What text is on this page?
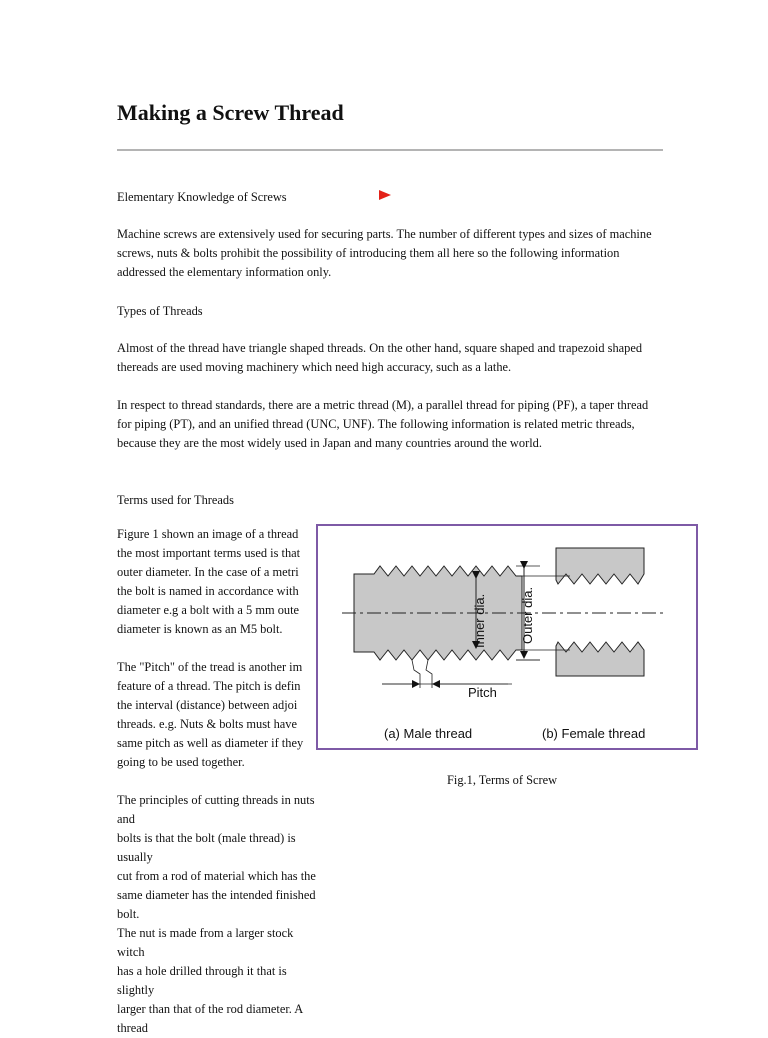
Making a Screw Thread

Elementary Knowledge of Screws

Machine screws are extensively used for securing parts. The number of different types and sizes of machine screws, nuts & bolts prohibit the possibility of introducing them all here so the following information addressed the elementary information only.

Types of Threads

Almost of the thread have triangle shaped threads. On the other hand, square shaped and trapezoid shaped thereads are used moving machinery which need high accuracy, such as a lathe.

In respect to thread standards, there are a metric thread (M), a parallel thread for piping (PF), a taper thread for piping (PT), and an unified thread (UNC, UNF). The following information is related metric threads, because they are the most widely used in Japan and many countries around the world.

Terms used for Threads

Figure 1 shown an image of a thread
the most important terms used is that
outer diameter. In the case of a metri
the bolt is named in accordance with
diameter e.g a bolt with a 5 mm oute
diameter is known as an M5 bolt.
The "Pitch" of the tread is another im
feature of a thread. The pitch is defin
the interval (distance) between adjoi
threads. e.g. Nuts & bolts must have
same pitch as well as diameter if they
going to be used together.
The principles of cutting threads in nuts and
bolts is that the bolt (male thread) is usually
cut from a rod of material which has the
same diameter has the intended finished bolt.
The nut is made from a larger stock witch
has a hole drilled through it that is slightly
larger than that of the rod diameter. A thread
Inner dia.	Outer dia.
Pitch
(a) Male thread	(b) Female thread

Fig.1, Terms of Screw
